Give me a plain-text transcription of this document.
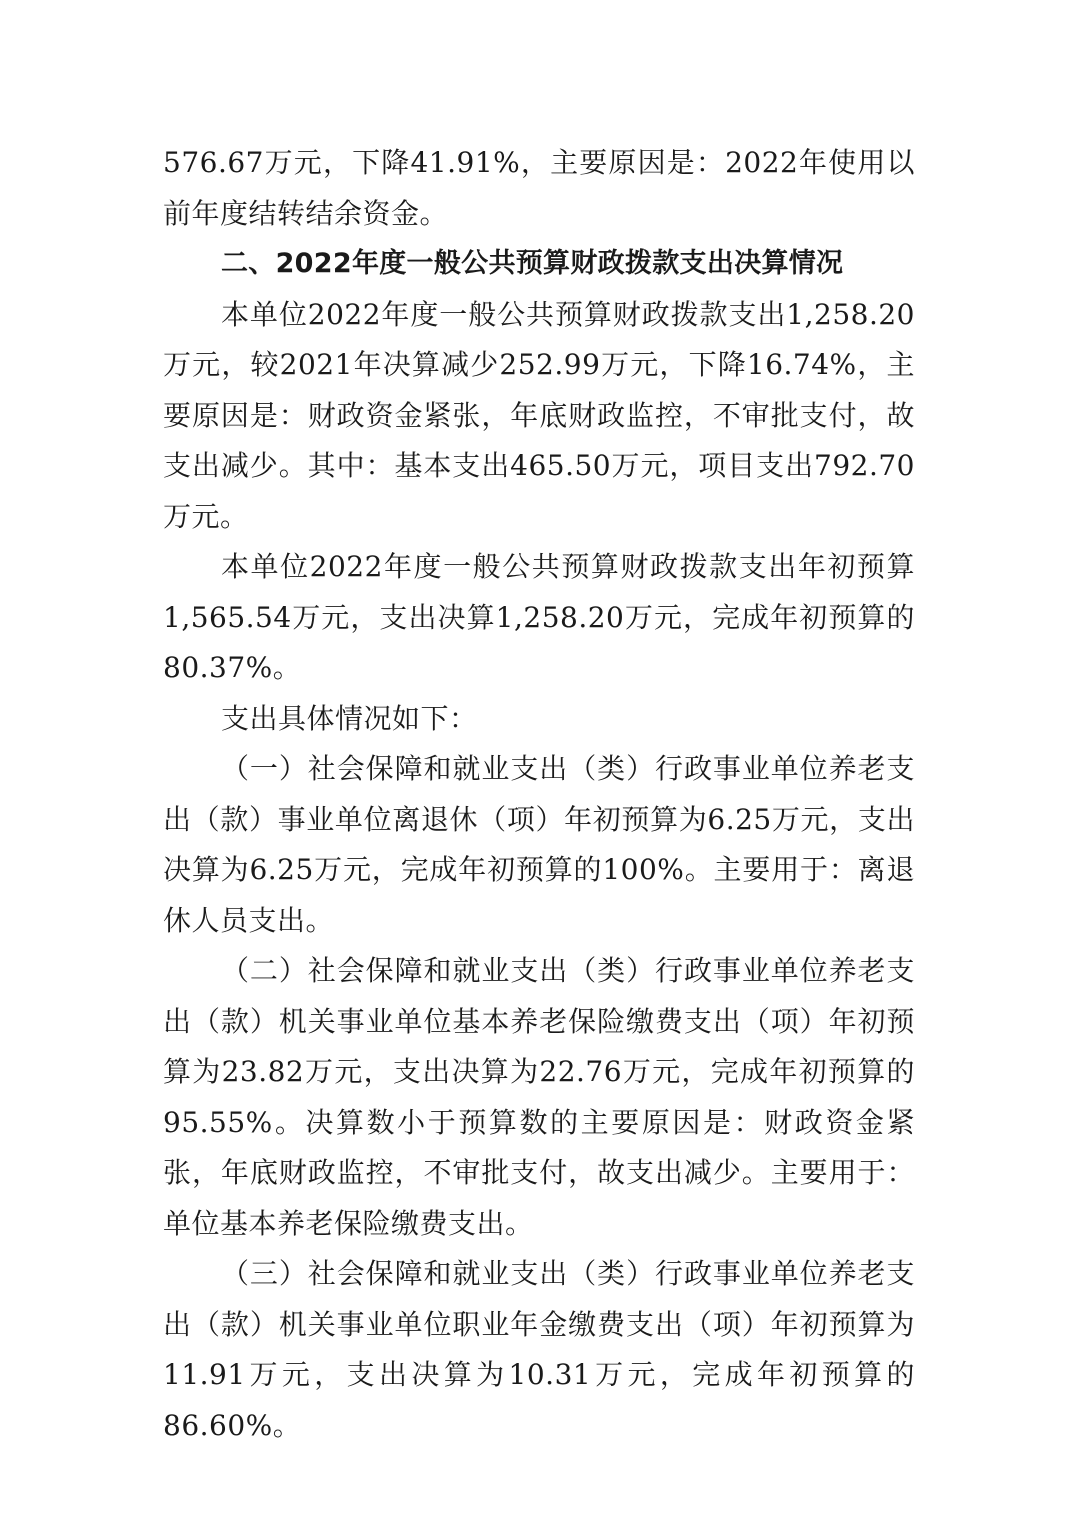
576.67万元，下降41.91%，主要原因是：2022年使用以前年度结转结余资金。

二、2022年度一般公共预算财政拨款支出决算情况

本单位2022年度一般公共预算财政拨款支出1,258.20万元，较2021年决算减少252.99万元，下降16.74%，主要原因是：财政资金紧张，年底财政监控，不审批支付，故支出减少。其中：基本支出465.50万元，项目支出792.70万元。

本单位2022年度一般公共预算财政拨款支出年初预算1,565.54万元，支出决算1,258.20万元，完成年初预算的80.37%。

支出具体情况如下：

（一）社会保障和就业支出（类）行政事业单位养老支出（款）事业单位离退休（项）年初预算为6.25万元，支出决算为6.25万元，完成年初预算的100%。主要用于：离退休人员支出。

（二）社会保障和就业支出（类）行政事业单位养老支出（款）机关事业单位基本养老保险缴费支出（项）年初预算为23.82万元，支出决算为22.76万元，完成年初预算的95.55%。决算数小于预算数的主要原因是：财政资金紧张，年底财政监控，不审批支付，故支出减少。主要用于：单位基本养老保险缴费支出。

（三）社会保障和就业支出（类）行政事业单位养老支出（款）机关事业单位职业年金缴费支出（项）年初预算为11.91万元，支出决算为10.31万元，完成年初预算的86.60%。
